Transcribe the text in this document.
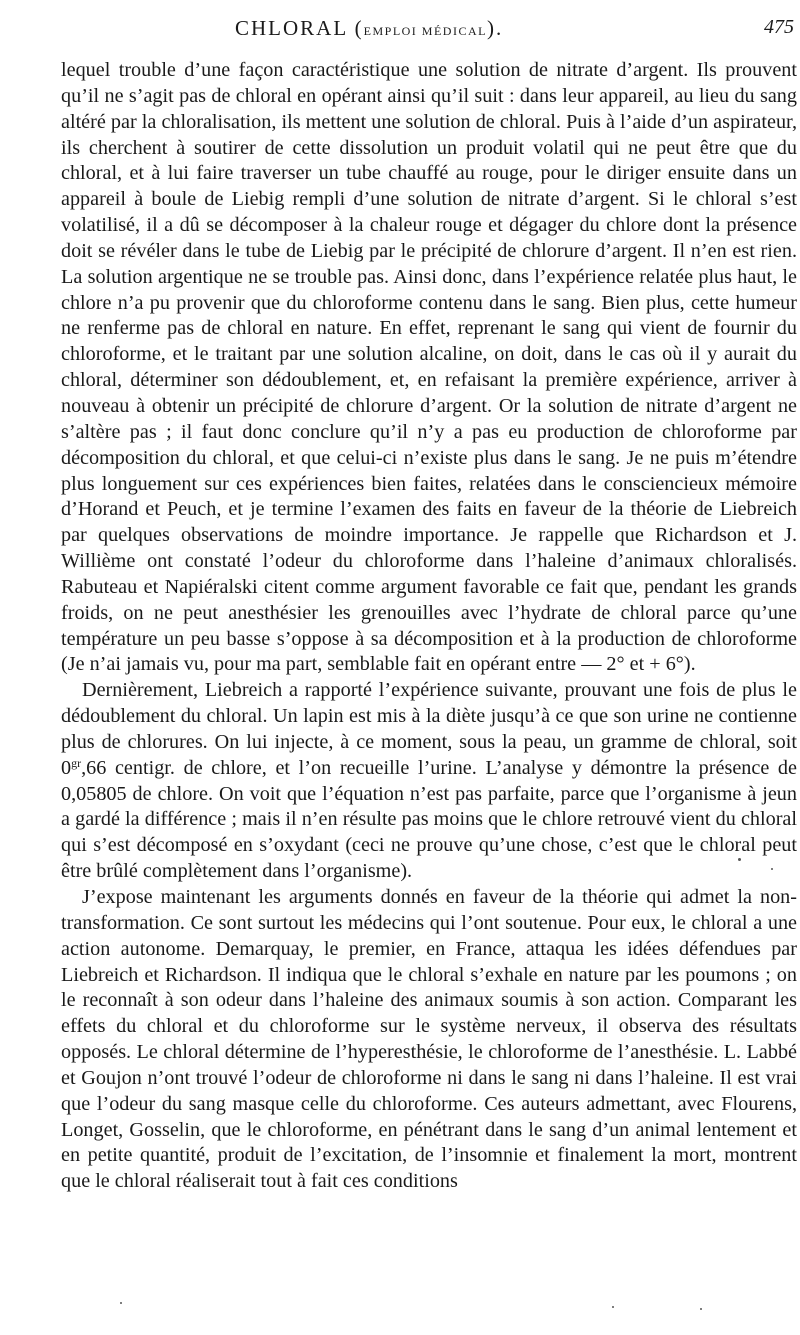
CHLORAL (EMPLOI MÉDICAL).	475

lequel trouble d’une façon caractéristique une solution de nitrate d’argent. Ils prouvent qu’il ne s’agit pas de chloral en opérant ainsi qu’il suit : dans leur appareil, au lieu du sang altéré par la chloralisation, ils mettent une solution de chloral. Puis à l’aide d’un aspirateur, ils cherchent à soutirer de cette dissolution un produit volatil qui ne peut être que du chloral, et à lui faire traverser un tube chauffé au rouge, pour le diriger ensuite dans un appareil à boule de Liebig rempli d’une solution de nitrate d’argent. Si le chloral s’est volatilisé, il a dû se décomposer à la chaleur rouge et dégager du chlore dont la présence doit se révéler dans le tube de Liebig par le précipité de chlorure d’argent. Il n’en est rien. La solution argentique ne se trouble pas. Ainsi donc, dans l’expérience relatée plus haut, le chlore n’a pu provenir que du chloroforme contenu dans le sang. Bien plus, cette humeur ne renferme pas de chloral en nature. En effet, reprenant le sang qui vient de fournir du chloroforme, et le traitant par une solution alcaline, on doit, dans le cas où il y aurait du chloral, déterminer son dédoublement, et, en refaisant la première expérience, arriver à nouveau à obtenir un précipité de chlorure d’argent. Or la solution de nitrate d’argent ne s’altère pas ; il faut donc conclure qu’il n’y a pas eu production de chloroforme par décomposition du chloral, et que celui-ci n’existe plus dans le sang. Je ne puis m’étendre plus longuement sur ces expériences bien faites, relatées dans le consciencieux mémoire d’Horand et Peuch, et je termine l’examen des faits en faveur de la théorie de Liebreich par quelques observations de moindre importance. Je rappelle que Richardson et J. Willième ont constaté l’odeur du chloroforme dans l’haleine d’animaux chloralisés. Rabuteau et Napiéralski citent comme argument favorable ce fait que, pendant les grands froids, on ne peut anesthésier les grenouilles avec l’hydrate de chloral parce qu’une température un peu basse s’oppose à sa décomposition et à la production de chloroforme (Je n’ai jamais vu, pour ma part, semblable fait en opérant entre — 2° et + 6°).

Dernièrement, Liebreich a rapporté l’expérience suivante, prouvant une fois de plus le dédoublement du chloral. Un lapin est mis à la diète jusqu’à ce que son urine ne contienne plus de chlorures. On lui injecte, à ce moment, sous la peau, un gramme de chloral, soit $0^{gr},66$ centigr. de chlore, et l’on recueille l’urine. L’analyse y démontre la présence de 0,05805 de chlore. On voit que l’équation n’est pas parfaite, parce que l’organisme à jeun a gardé la différence ; mais il n’en résulte pas moins que le chlore retrouvé vient du chloral qui s’est décomposé en s’oxydant (ceci ne prouve qu’une chose, c’est que le chloral peut être brûlé complètement dans l’organisme).

J’expose maintenant les arguments donnés en faveur de la théorie qui admet la non-transformation. Ce sont surtout les médecins qui l’ont soutenue. Pour eux, le chloral a une action autonome. Demarquay, le premier, en France, attaqua les idées défendues par Liebreich et Richardson. Il indiqua que le chloral s’exhale en nature par les poumons ; on le reconnaît à son odeur dans l’haleine des animaux soumis à son action. Comparant les effets du chloral et du chloroforme sur le système nerveux, il observa des résultats opposés. Le chloral détermine de l’hyperesthésie, le chloroforme de l’anesthésie. L. Labbé et Goujon n’ont trouvé l’odeur de chloroforme ni dans le sang ni dans l’haleine. Il est vrai que l’odeur du sang masque celle du chloroforme. Ces auteurs admettant, avec Flourens, Longet, Gosselin, que le chloroforme, en pénétrant dans le sang d’un animal lentement et en petite quantité, produit de l’excitation, de l’insomnie et finalement la mort, montrent que le chloral réaliserait tout à fait ces conditions
